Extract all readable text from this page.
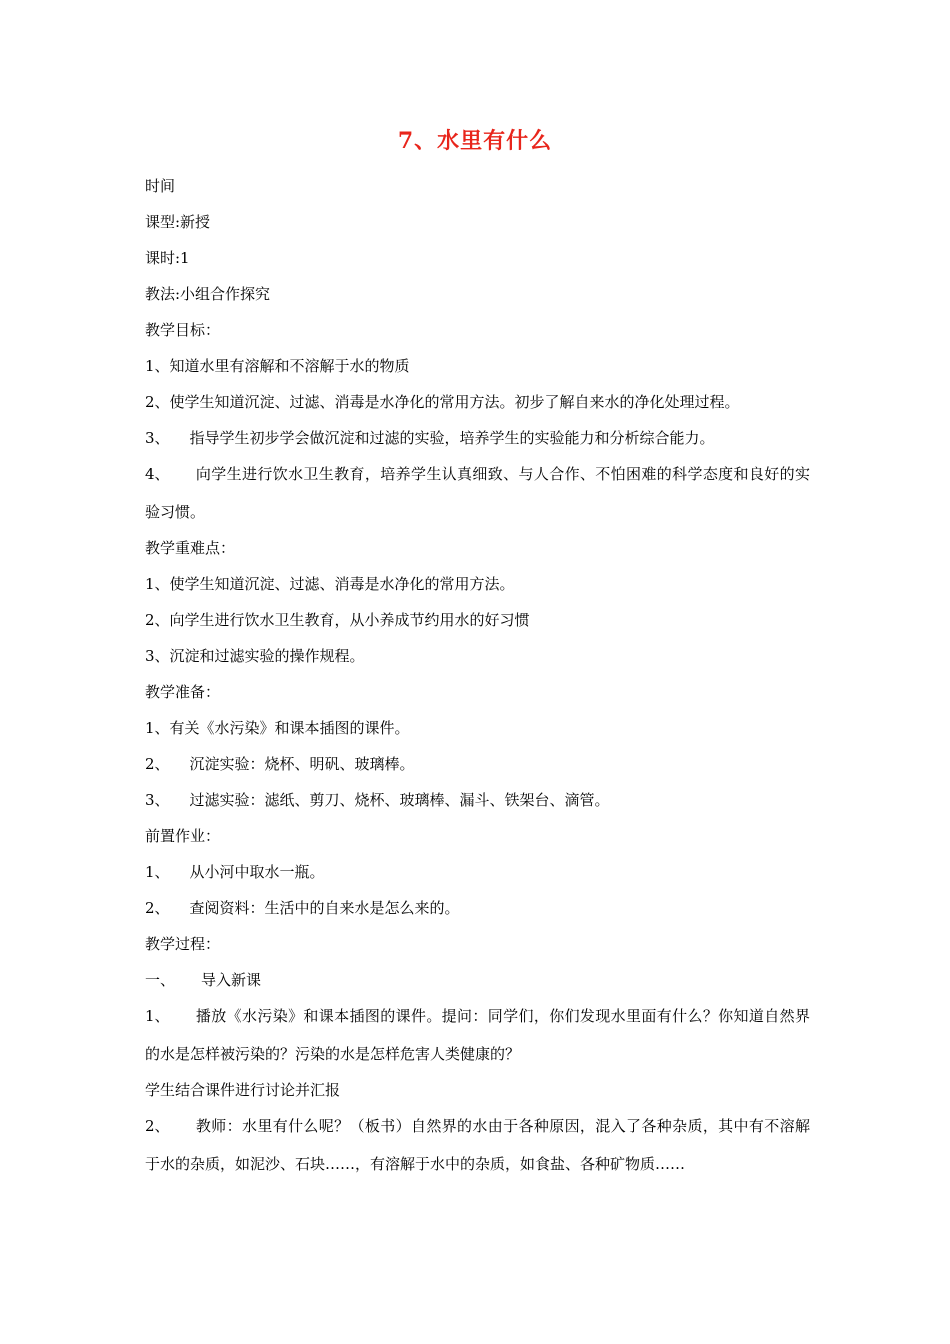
7、水里有什么
时间
课型:新授
课时:1
教法:小组合作探究
教学目标：
1、知道水里有溶解和不溶解于水的物质
2、使学生知道沉淀、过滤、消毒是水净化的常用方法。初步了解自来水的净化处理过程。
3、 指导学生初步学会做沉淀和过滤的实验，培养学生的实验能力和分析综合能力。
4、 向学生进行饮水卫生教育，培养学生认真细致、与人合作、不怕困难的科学态度和良好的实验习惯。
教学重难点：
1、使学生知道沉淀、过滤、消毒是水净化的常用方法。
2、向学生进行饮水卫生教育，从小养成节约用水的好习惯
3、沉淀和过滤实验的操作规程。
教学准备：
1、有关《水污染》和课本插图的课件。
2、 沉淀实验：烧杯、明矾、玻璃棒。
3、 过滤实验：滤纸、剪刀、烧杯、玻璃棒、漏斗、铁架台、滴管。
前置作业：
1、 从小河中取水一瓶。
2、 查阅资料：生活中的自来水是怎么来的。
教学过程：
一、 导入新课
1、 播放《水污染》和课本插图的课件。提问：同学们，你们发现水里面有什么？你知道自然界的水是怎样被污染的？污染的水是怎样危害人类健康的？
学生结合课件进行讨论并汇报
2、 教师：水里有什么呢？（板书）自然界的水由于各种原因，混入了各种杂质，其中有不溶解于水的杂质，如泥沙、石块……，有溶解于水中的杂质，如食盐、各种矿物质……
